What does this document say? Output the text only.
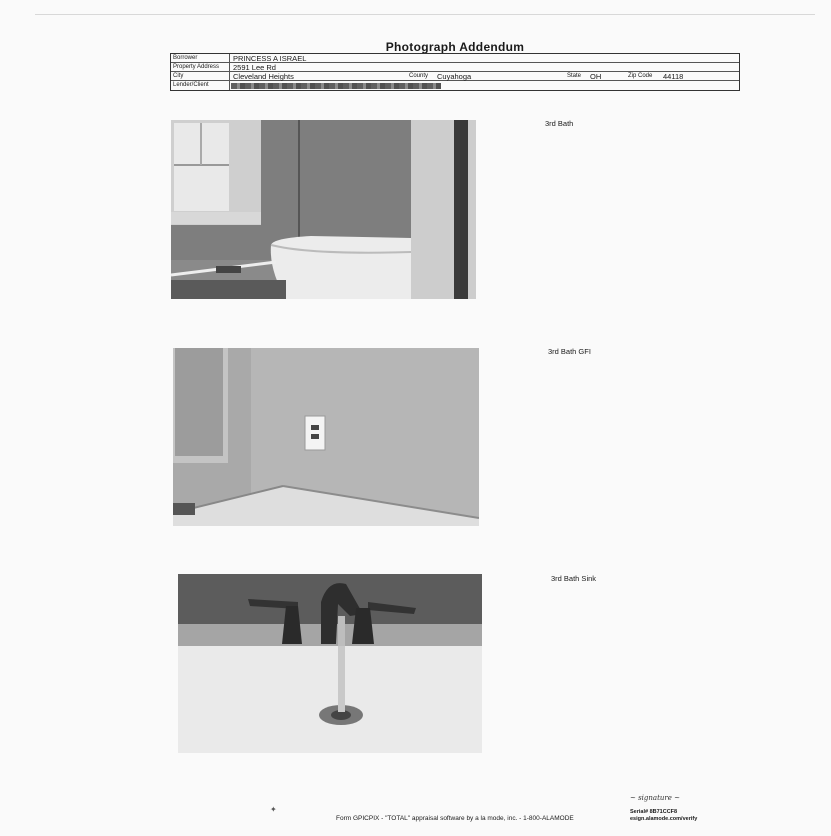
Photograph Addendum
Borrower	PRINCESS A ISRAEL
Property Address 2591 Lee Rd
City	Cleveland Heights	County Cuyahoga	State OH	Zip Code 44118
Lender/Client
3rd Bath
3rd Bath GFI
3rd Bath Sink
✦
Form GPICPIX - "TOTAL" appraisal software by a la mode, inc. - 1-800-ALAMODE
~ signature ~
Serial# 8B71CCF8
esign.alamode.com/verify
